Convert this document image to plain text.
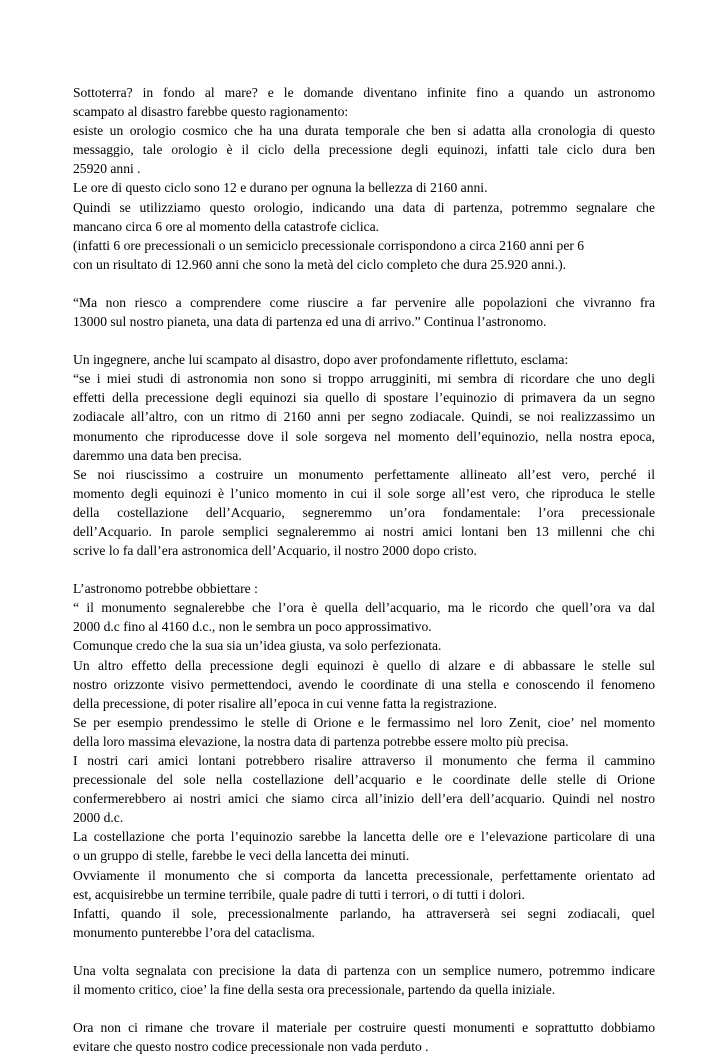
Sottoterra? in fondo al mare? e le domande diventano infinite fino a quando un astronomo
scampato al disastro farebbe questo ragionamento:
esiste un orologio cosmico che ha una durata temporale che ben si adatta alla cronologia di questo
messaggio, tale orologio è il ciclo della precessione degli equinozi, infatti tale ciclo dura ben
25920 anni .
Le ore di questo ciclo sono 12 e durano per ognuna la bellezza di 2160 anni.
Quindi se utilizziamo questo orologio, indicando una data di partenza, potremmo segnalare che
mancano circa 6 ore al momento della catastrofe ciclica.
(infatti 6 ore precessionali o un semiciclo precessionale corrispondono a circa 2160 anni per 6
con un risultato di 12.960 anni che sono la metà del ciclo completo che dura 25.920 anni.).
“Ma non riesco a comprendere come riuscire a far pervenire alle popolazioni che vivranno fra
13000 sul nostro pianeta, una data di partenza ed una di arrivo.” Continua l’astronomo.
Un ingegnere, anche lui scampato al disastro, dopo aver profondamente riflettuto, esclama:
“se i miei studi di astronomia non sono si troppo arrugginiti, mi sembra di ricordare che uno degli
effetti della precessione degli equinozi sia quello di spostare l’equinozio di primavera da un segno
zodiacale all’altro, con un ritmo di 2160 anni per segno zodiacale. Quindi, se noi realizzassimo un
monumento che riproducesse dove il sole sorgeva nel momento dell’equinozio, nella nostra epoca,
daremmo una data ben precisa.
Se noi riuscissimo a costruire un monumento perfettamente allineato all’est vero, perché il
momento degli equinozi è l’unico momento in cui il sole sorge all’est vero, che riproduca le stelle
della costellazione dell’Acquario, segneremmo un’ora fondamentale: l’ora precessionale
dell’Acquario. In parole semplici segnaleremmo ai nostri amici lontani ben 13 millenni che chi
scrive lo fa dall’era astronomica dell’Acquario, il nostro 2000 dopo cristo.
L’astronomo potrebbe obbiettare :
“ il monumento segnalerebbe che l’ora è quella dell’acquario, ma le ricordo che quell’ora va dal
2000 d.c fino al 4160 d.c., non le sembra un poco approssimativo.
Comunque credo che la sua sia un’idea giusta, va solo perfezionata.
Un altro effetto della precessione degli equinozi è quello di alzare e di abbassare le stelle sul
nostro orizzonte visivo permettendoci, avendo le coordinate di una stella e conoscendo il fenomeno
della precessione, di poter risalire all’epoca in cui venne fatta la registrazione.
Se per esempio prendessimo le stelle di Orione e le fermassimo nel loro Zenit, cioe’ nel momento
della loro massima elevazione, la nostra data di partenza potrebbe essere molto più precisa.
I nostri cari amici lontani potrebbero risalire attraverso il monumento che ferma il cammino
precessionale del sole nella costellazione dell’acquario e le coordinate delle stelle di Orione
confermerebbero ai nostri amici che siamo circa all’inizio dell’era dell’acquario. Quindi nel nostro
2000 d.c.
La costellazione che porta l’equinozio sarebbe la lancetta delle ore e l’elevazione particolare di una
o un gruppo di stelle, farebbe le veci della lancetta dei minuti.
Ovviamente il monumento che si comporta da lancetta precessionale, perfettamente orientato ad
est, acquisirebbe un termine terribile, quale padre di tutti i terrori, o di tutti i dolori.
Infatti, quando il sole, precessionalmente parlando, ha attraverserà sei segni zodiacali, quel
monumento punterebbe l’ora del cataclisma.
Una volta segnalata con precisione la data di partenza con un semplice numero, potremmo indicare
il momento critico, cioe’ la fine della sesta ora precessionale, partendo da quella iniziale.
Ora non ci rimane che trovare il materiale per costruire questi monumenti e soprattutto dobbiamo
evitare che questo nostro codice precessionale non vada perduto .
